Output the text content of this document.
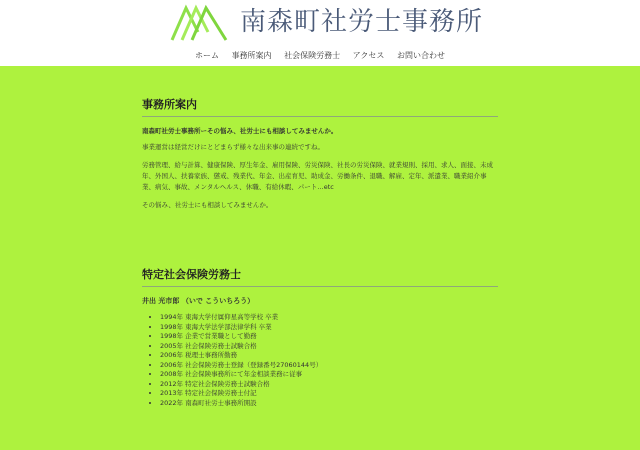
南森町社労士事務所
ホーム 事務所案内 社会保険労務士 アクセス お問い合わせ
事務所案内

南森町社労士事務所ーその悩み、社労士にも相談してみませんか。

事業運営は経営だけにとどまらず様々な出来事の連続ですね。

労務管理、給与計算、健康保険、厚生年金、雇用保険、労災保険、社長の労災保険、就業規則、採用、求人、面接、未成年、外国人、扶養家族、懲戒、残業代、年金、出産育児、助成金、労働条件、退職、解雇、定年、派遣業、職業紹介事業、病気、事故、メンタルヘルス、休職、有給休暇、パート…etc

その悩み、社労士にも相談してみませんか。

特定社会保険労務士

井出 光市郎 （いで こういちろう）

• 1994年 東海大学付属仰星高等学校 卒業
• 1998年 東海大学法学部法律学科 卒業
• 1998年 企業で営業職として勤務
• 2005年 社会保険労務士試験合格
• 2006年 税理士事務所勤務
• 2006年 社会保険労務士登録（登録番号27060144号）
• 2008年 社会保険事務所にて年金相談業務に従事
• 2012年 特定社会保険労務士試験合格
• 2013年 特定社会保険労務士付記
• 2022年 南森町社労士事務所開設
